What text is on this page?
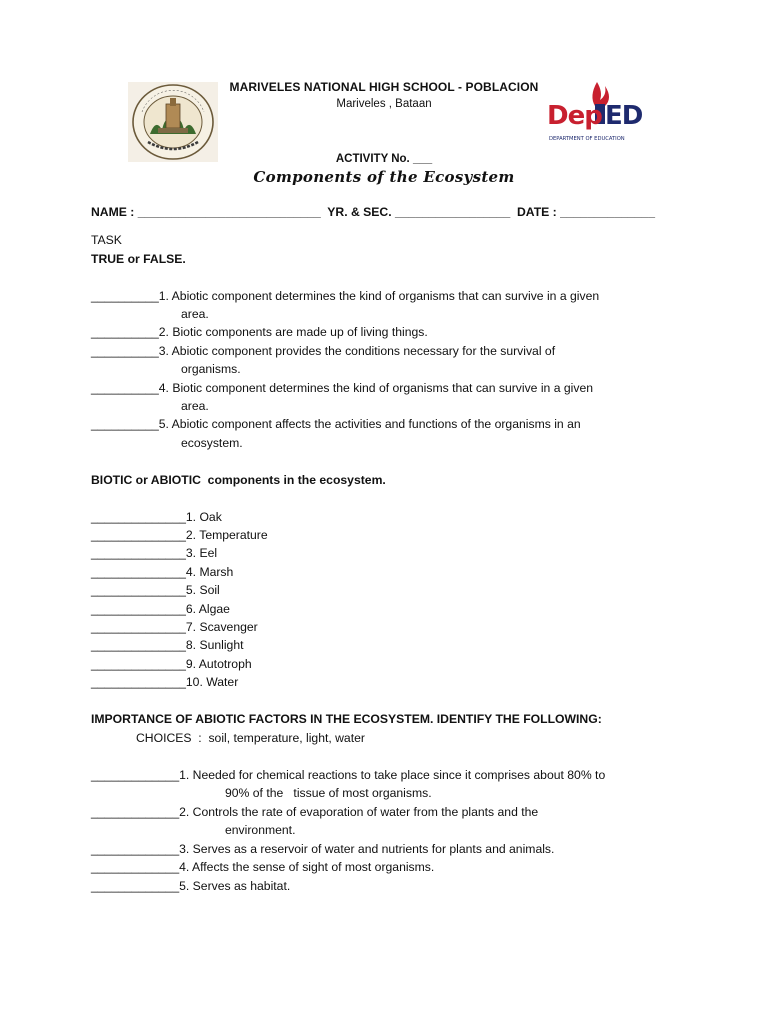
Dep ED
DEPARTMENT OF EDUCATION
MARIVELES NATIONAL HIGH SCHOOL - POBLACION
Mariveles , Bataan
ACTIVITY No. ___
Components of the Ecosystem
NAME : ___________________________  YR. & SEC. _________________  DATE : ______________
TASK
TRUE or FALSE.
__________1. Abiotic component determines the kind of organisms that can survive in a given
area.
__________2. Biotic components are made up of living things.
__________3. Abiotic component provides the conditions necessary for the survival of
organisms.
__________4. Biotic component determines the kind of organisms that can survive in a given
area.
__________5. Abiotic component affects the activities and functions of the organisms in an
ecosystem.
BIOTIC or ABIOTIC  components in the ecosystem.
______________1. Oak
______________2. Temperature
______________3. Eel
______________4. Marsh
______________5. Soil
______________6. Algae
______________7. Scavenger
______________8. Sunlight
______________9. Autotroph
______________10. Water
IMPORTANCE OF ABIOTIC FACTORS IN THE ECOSYSTEM. IDENTIFY THE FOLLOWING:
CHOICES  :  soil, temperature, light, water
_____________1. Needed for chemical reactions to take place since it comprises about 80% to
90% of the   tissue of most organisms.
_____________2. Controls the rate of evaporation of water from the plants and the
environment.
_____________3. Serves as a reservoir of water and nutrients for plants and animals.
_____________4. Affects the sense of sight of most organisms.
_____________5. Serves as habitat.
